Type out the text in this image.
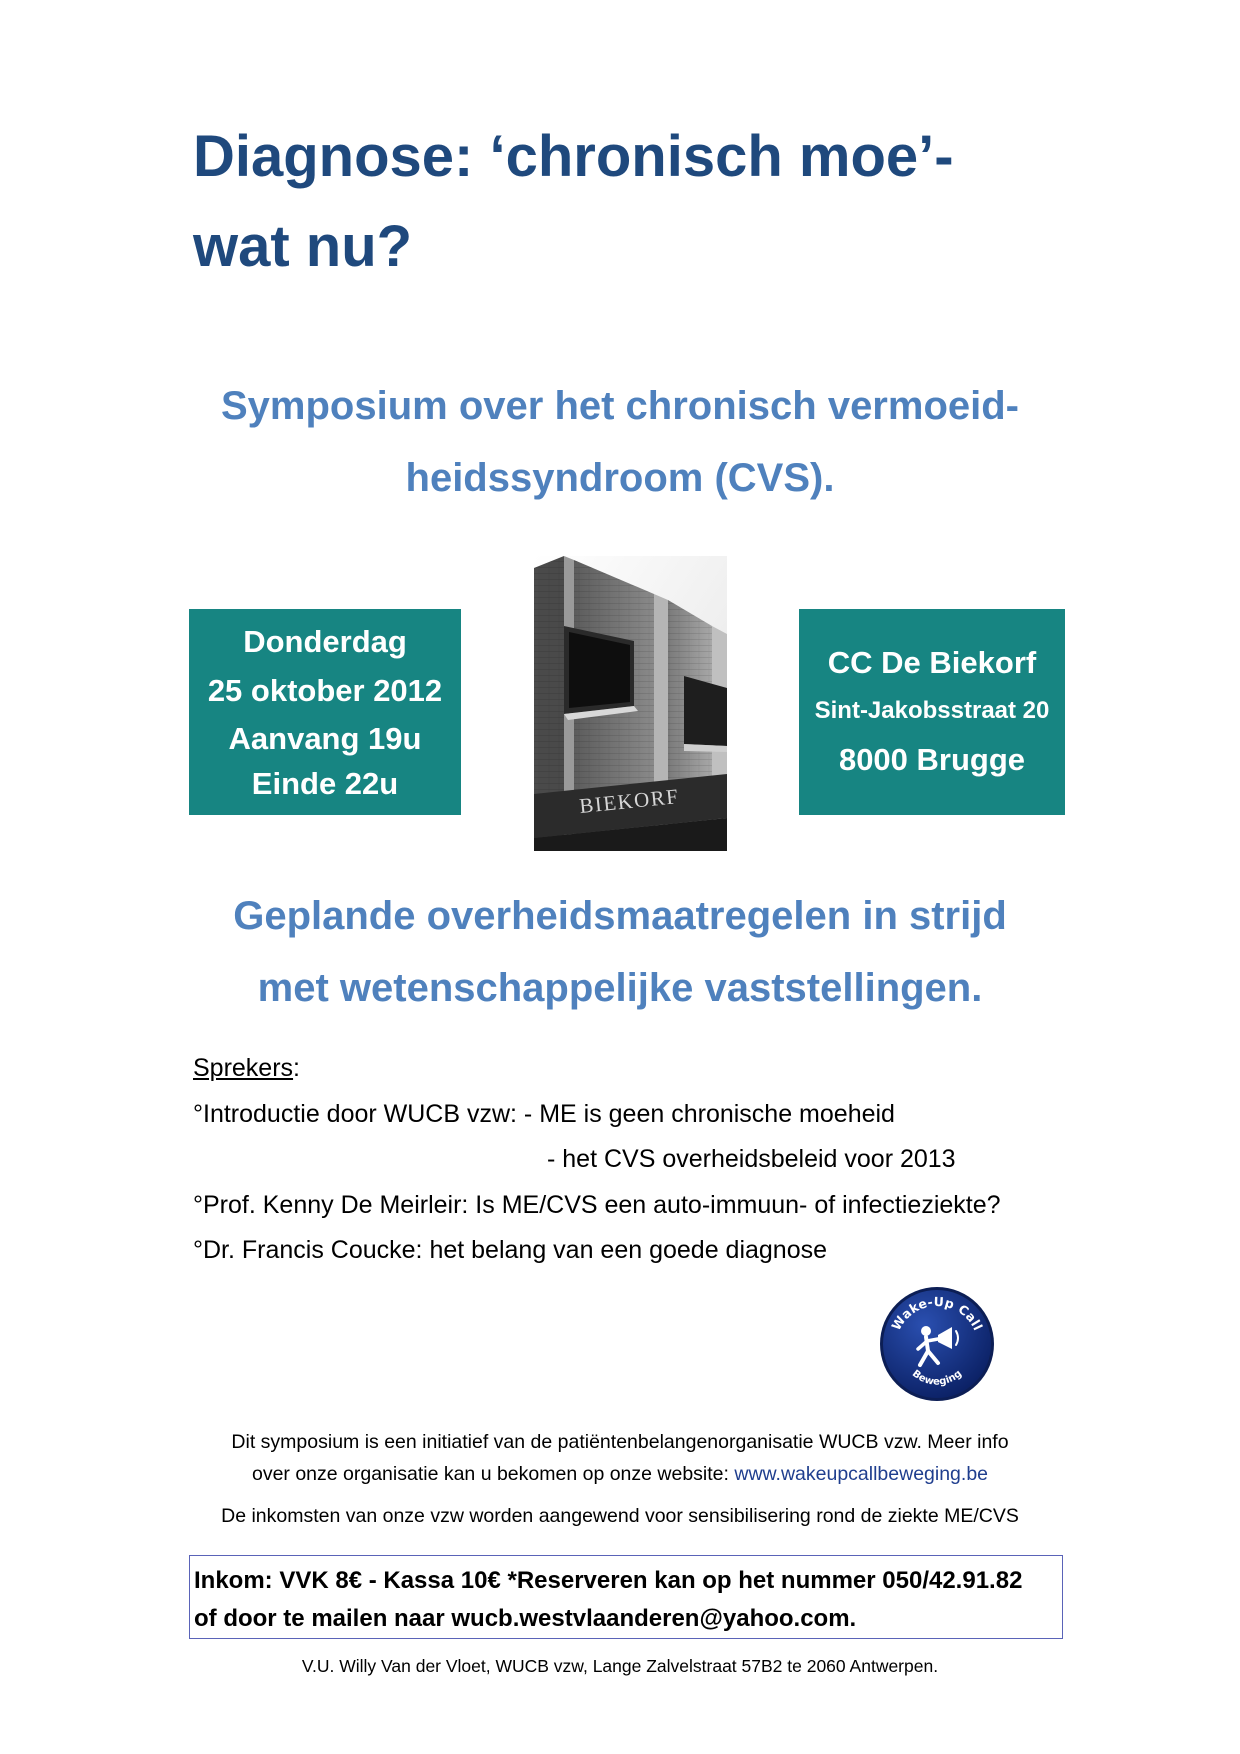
Diagnose: ‘chronisch moe’-
wat nu?
Symposium over het chronisch vermoeid-
heidssyndroom (CVS).
Donderdag
25 oktober 2012
Aanvang 19u
Einde 22u
BIEKORF
CC De Biekorf
Sint-Jakobsstraat 20
8000 Brugge
Geplande overheidsmaatregelen in strijd
met wetenschappelijke vaststellingen.
Sprekers:
°Introductie door WUCB vzw: - ME is geen chronische moeheid
- het CVS overheidsbeleid voor 2013
°Prof. Kenny De Meirleir: Is ME/CVS een auto-immuun- of infectieziekte?
°Dr. Francis Coucke: het belang van een goede diagnose
Wake-Up Call
Beweging
Dit symposium is een initiatief van de patiëntenbelangenorganisatie WUCB vzw. Meer info
over onze organisatie kan u bekomen op onze website: www.wakeupcallbeweging.be
De inkomsten van onze vzw worden aangewend voor sensibilisering rond de ziekte ME/CVS
Inkom: VVK 8€ - Kassa 10€ *Reserveren kan op het nummer 050/42.91.82
of door te mailen naar wucb.westvlaanderen@yahoo.com.
V.U. Willy Van der Vloet, WUCB vzw, Lange Zalvelstraat 57B2 te 2060 Antwerpen.
